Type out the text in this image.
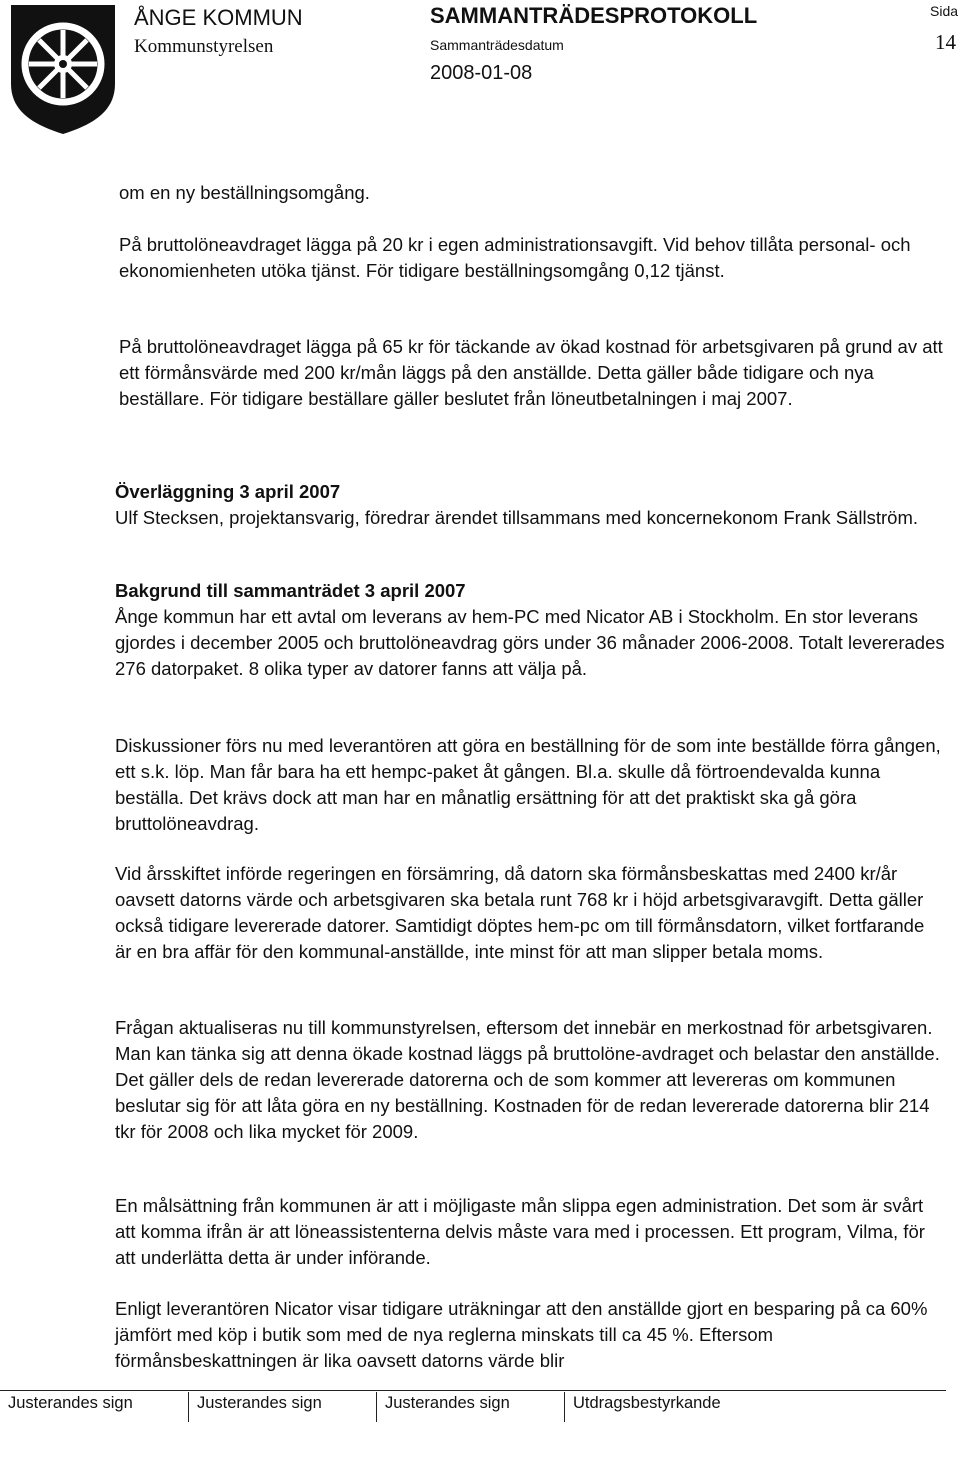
ÅNGE KOMMUN
Kommunstyrelsen
SAMMANTRÄDESPROTOKOLL
Sammanträdesdatum
2008-01-08
Sida
14

om en ny beställningsomgång.

På bruttolöneavdraget lägga på 20 kr i egen administrationsavgift. Vid behov tillåta personal- och ekonomienheten utöka tjänst. För tidigare beställningsomgång 0,12 tjänst.

På bruttolöneavdraget lägga på 65 kr för täckande av ökad kostnad för arbetsgivaren på grund av att ett förmånsvärde med 200 kr/mån läggs på den anställde. Detta gäller både tidigare och nya beställare. För tidigare beställare gäller beslutet från löneutbetalningen i maj 2007.

Överläggning 3 april 2007

Ulf Stecksen, projektansvarig, föredrar ärendet tillsammans med koncernekonom Frank Sällström.

Bakgrund till sammanträdet 3 april 2007

Ånge kommun har ett avtal om leverans av hem-PC med Nicator AB i Stockholm. En stor leverans gjordes i december 2005 och bruttolöneavdrag görs under 36 månader 2006-2008. Totalt levererades 276 datorpaket. 8 olika typer av datorer fanns att välja på.

Diskussioner förs nu med leverantören att göra en beställning för de som inte beställde förra gången, ett s.k. löp. Man får bara ha ett hempc-paket åt gången. Bl.a. skulle då förtroendevalda kunna beställa. Det krävs dock att man har en månatlig ersättning för att det praktiskt ska gå göra bruttolöneavdrag.

Vid årsskiftet införde regeringen en försämring, då datorn ska förmånsbeskattas med 2400 kr/år oavsett datorns värde och arbetsgivaren ska betala runt 768 kr i höjd arbetsgivaravgift. Detta gäller också tidigare levererade datorer. Samtidigt döptes hem-pc om till förmånsdatorn, vilket fortfarande är en bra affär för den kommunal-anställde, inte minst för att man slipper betala moms.

Frågan aktualiseras nu till kommunstyrelsen, eftersom det innebär en merkostnad för arbetsgivaren. Man kan tänka sig att denna ökade kostnad läggs på bruttolöne-avdraget och belastar den anställde. Det gäller dels de redan levererade datorerna och de som kommer att levereras om kommunen beslutar sig för att låta göra en ny beställning. Kostnaden för de redan levererade datorerna blir 214 tkr för 2008 och lika mycket för 2009.

En målsättning från kommunen är att i möjligaste mån slippa egen administration. Det som är svårt att komma ifrån är att löneassistenterna delvis måste vara med i processen. Ett program, Vilma, för att underlätta detta är under införande.

Enligt leverantören Nicator visar tidigare uträkningar att den anställde gjort en besparing på ca 60% jämfört med köp i butik som med de nya reglerna minskats till ca 45 %. Eftersom förmånsbeskattningen är lika oavsett datorns värde blir

Justerandes sign	Justerandes sign	Justerandes sign	Utdragsbestyrkande
